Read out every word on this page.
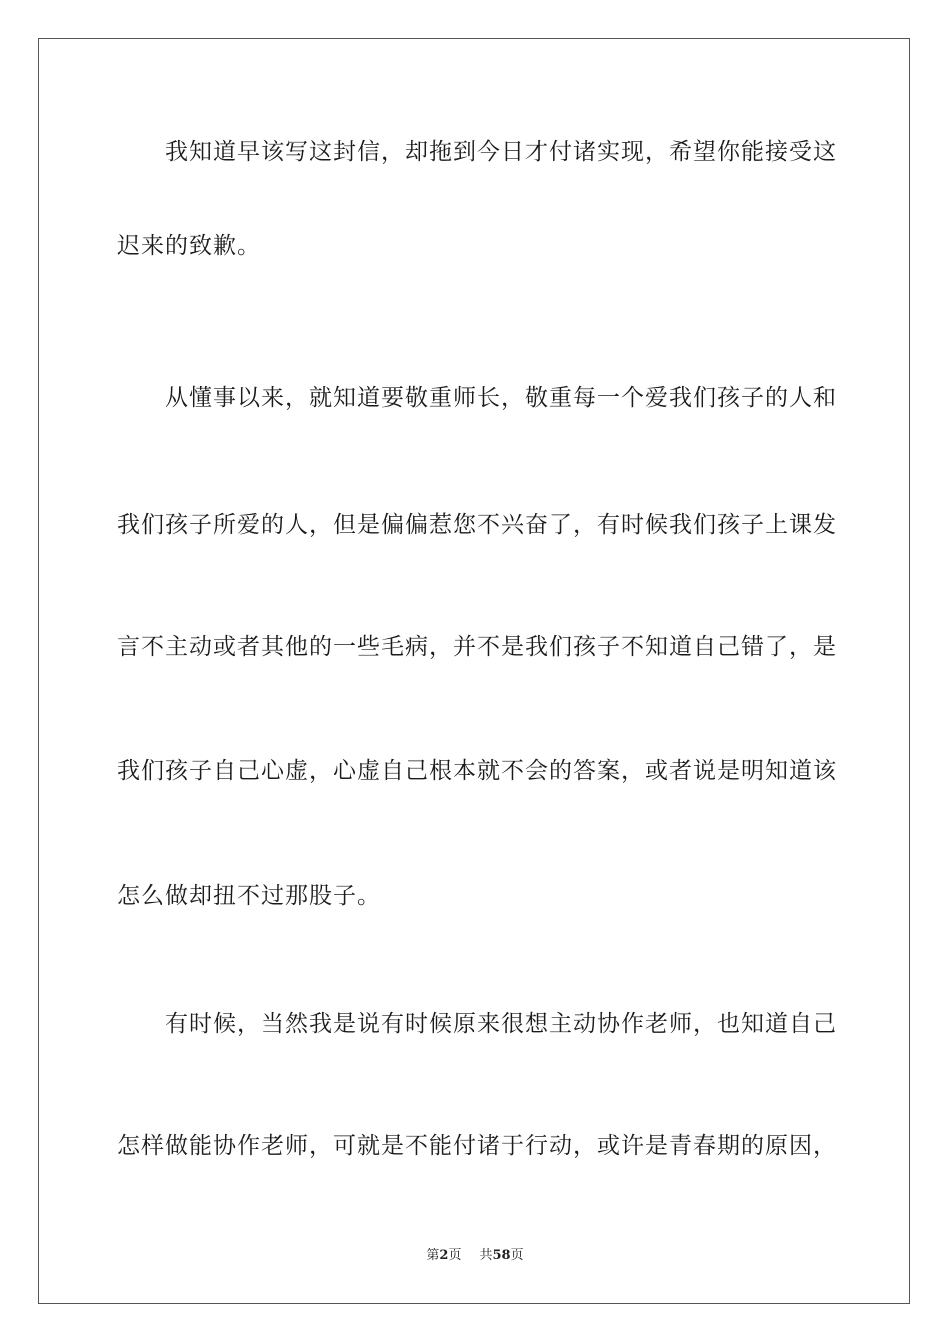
我知道早该写这封信，却拖到今日才付诸实现，希望你能接受这
迟来的致歉。
从懂事以来，就知道要敬重师长，敬重每一个爱我们孩子的人和
我们孩子所爱的人，但是偏偏惹您不兴奋了，有时候我们孩子上课发
言不主动或者其他的一些毛病，并不是我们孩子不知道自己错了，是
我们孩子自己心虚，心虚自己根本就不会的答案，或者说是明知道该
怎么做却扭不过那股子。
有时候，当然我是说有时候原来很想主动协作老师，也知道自己
怎样做能协作老师，可就是不能付诸于行动，或许是青春期的原因，
第2页 共58页
